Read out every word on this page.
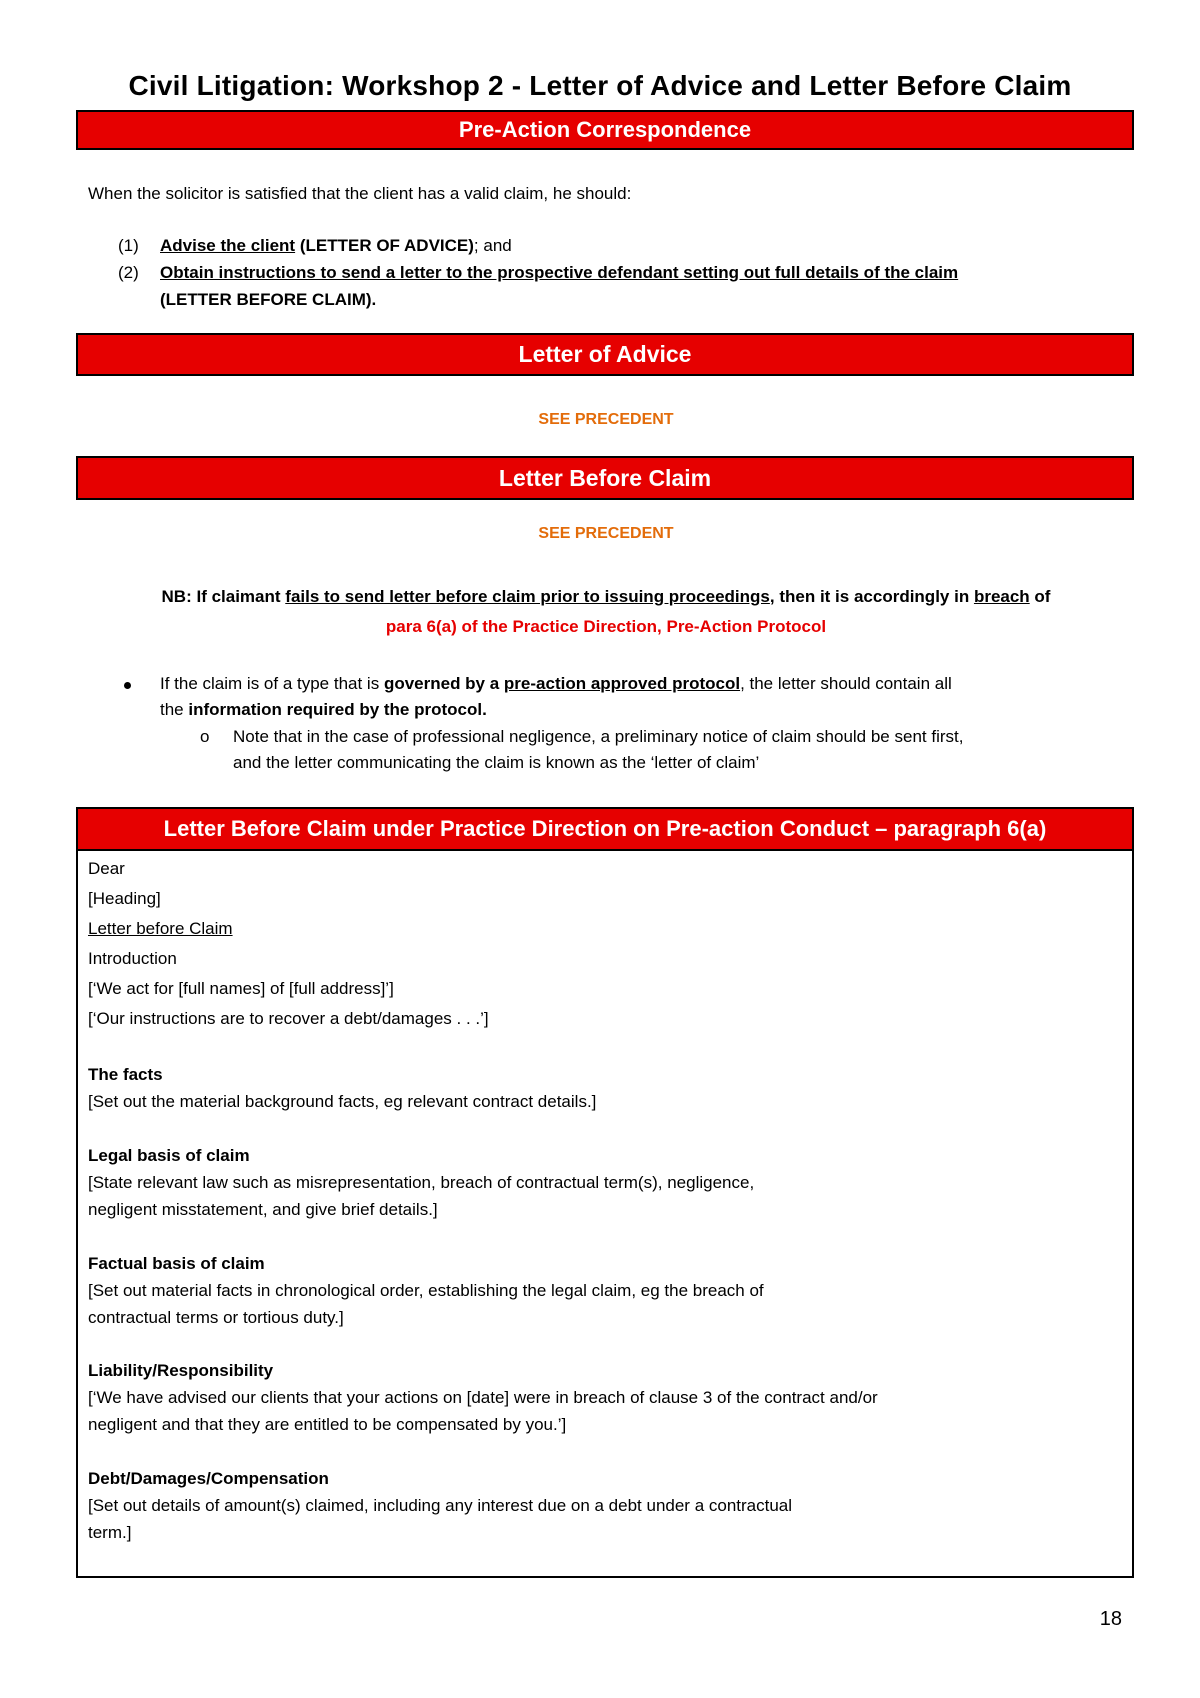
Civil Litigation: Workshop 2 - Letter of Advice and Letter Before Claim
Pre-Action Correspondence
When the solicitor is satisfied that the client has a valid claim, he should:
(1)	Advise the client (LETTER OF ADVICE); and
(2)	Obtain instructions to send a letter to the prospective defendant setting out full details of the claim
(LETTER BEFORE CLAIM).
Letter of Advice
SEE PRECEDENT
Letter Before Claim
SEE PRECEDENT
NB: If claimant fails to send letter before claim prior to issuing proceedings, then it is accordingly in breach of
para 6(a) of the Practice Direction, Pre-Action Protocol
If the claim is of a type that is governed by a pre-action approved protocol, the letter should contain all
the information required by the protocol.
o Note that in the case of professional negligence, a preliminary notice of claim should be sent first,
and the letter communicating the claim is known as the ‘letter of claim’
Letter Before Claim under Practice Direction on Pre-action Conduct – paragraph 6(a)
Dear
[Heading]
Letter before Claim
Introduction
[‘We act for [full names] of [full address]’]
[‘Our instructions are to recover a debt/damages . . .’]
The facts
[Set out the material background facts, eg relevant contract details.]
Legal basis of claim
[State relevant law such as misrepresentation, breach of contractual term(s), negligence,
negligent misstatement, and give brief details.]
Factual basis of claim
[Set out material facts in chronological order, establishing the legal claim, eg the breach of
contractual terms or tortious duty.]
Liability/Responsibility
[‘We have advised our clients that your actions on [date] were in breach of clause 3 of the contract and/or
negligent and that they are entitled to be compensated by you.’]
Debt/Damages/Compensation
[Set out details of amount(s) claimed, including any interest due on a debt under a contractual
term.]
18
